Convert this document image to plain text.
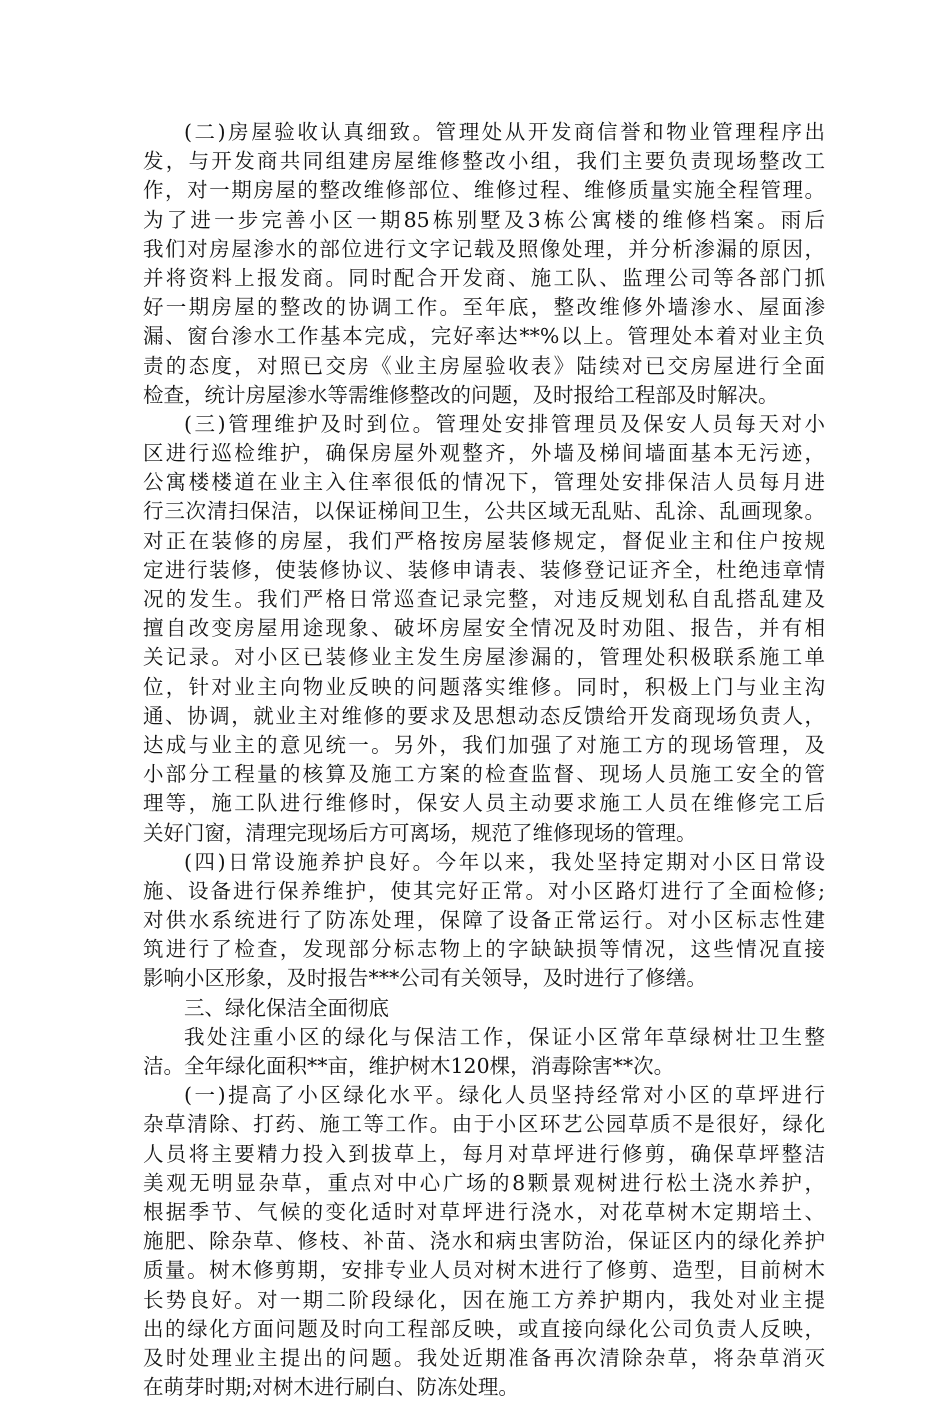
(二)房屋验收认真细致。管理处从开发商信誉和物业管理程序出
发，与开发商共同组建房屋维修整改小组，我们主要负责现场整改工
作，对一期房屋的整改维修部位、维修过程、维修质量实施全程管理。
为了进一步完善小区一期85栋别墅及3栋公寓楼的维修档案。雨后
我们对房屋渗水的部位进行文字记载及照像处理，并分析渗漏的原因，
并将资料上报发商。同时配合开发商、施工队、监理公司等各部门抓
好一期房屋的整改的协调工作。至年底，整改维修外墙渗水、屋面渗
漏、窗台渗水工作基本完成，完好率达**%以上。管理处本着对业主负
责的态度，对照已交房《业主房屋验收表》陆续对已交房屋进行全面
检查，统计房屋渗水等需维修整改的问题，及时报给工程部及时解决。
(三)管理维护及时到位。管理处安排管理员及保安人员每天对小
区进行巡检维护，确保房屋外观整齐，外墙及梯间墙面基本无污迹，
公寓楼楼道在业主入住率很低的情况下，管理处安排保洁人员每月进
行三次清扫保洁，以保证梯间卫生，公共区域无乱贴、乱涂、乱画现象。
对正在装修的房屋，我们严格按房屋装修规定，督促业主和住户按规
定进行装修，使装修协议、装修申请表、装修登记证齐全，杜绝违章情
况的发生。我们严格日常巡查记录完整，对违反规划私自乱搭乱建及
擅自改变房屋用途现象、破坏房屋安全情况及时劝阻、报告，并有相
关记录。对小区已装修业主发生房屋渗漏的，管理处积极联系施工单
位，针对业主向物业反映的问题落实维修。同时，积极上门与业主沟
通、协调，就业主对维修的要求及思想动态反馈给开发商现场负责人，
达成与业主的意见统一。另外，我们加强了对施工方的现场管理，及
小部分工程量的核算及施工方案的检查监督、现场人员施工安全的管
理等，施工队进行维修时，保安人员主动要求施工人员在维修完工后
关好门窗，清理完现场后方可离场，规范了维修现场的管理。
(四)日常设施养护良好。今年以来，我处坚持定期对小区日常设
施、设备进行保养维护，使其完好正常。对小区路灯进行了全面检修;
对供水系统进行了防冻处理，保障了设备正常运行。对小区标志性建
筑进行了检查，发现部分标志物上的字缺缺损等情况，这些情况直接
影响小区形象，及时报告***公司有关领导，及时进行了修缮。
三、绿化保洁全面彻底
我处注重小区的绿化与保洁工作，保证小区常年草绿树壮卫生整
洁。全年绿化面积**亩，维护树木120棵，消毒除害**次。
(一)提高了小区绿化水平。绿化人员坚持经常对小区的草坪进行
杂草清除、打药、施工等工作。由于小区环艺公园草质不是很好，绿化
人员将主要精力投入到拔草上，每月对草坪进行修剪，确保草坪整洁
美观无明显杂草，重点对中心广场的8颗景观树进行松土浇水养护，
根据季节、气候的变化适时对草坪进行浇水，对花草树木定期培土、
施肥、除杂草、修枝、补苗、浇水和病虫害防治，保证区内的绿化养护
质量。树木修剪期，安排专业人员对树木进行了修剪、造型，目前树木
长势良好。对一期二阶段绿化，因在施工方养护期内，我处对业主提
出的绿化方面问题及时向工程部反映，或直接向绿化公司负责人反映，
及时处理业主提出的问题。我处近期准备再次清除杂草，将杂草消灭
在萌芽时期;对树木进行刷白、防冻处理。
